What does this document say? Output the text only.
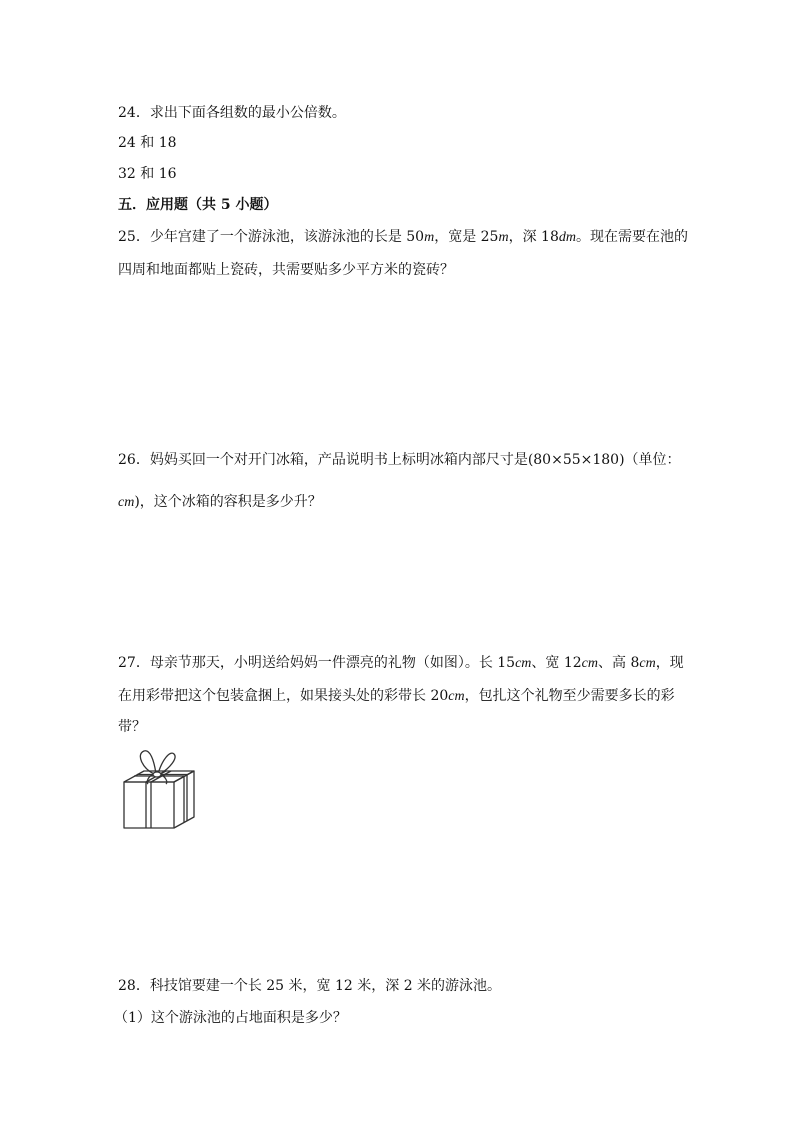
24．求出下面各组数的最小公倍数。
24 和 18
32 和 16
五．应用题（共 5 小题）
25．少年宫建了一个游泳池，该游泳池的长是 50m，宽是 25m，深 18dm。现在需要在池的
四周和地面都贴上瓷砖，共需要贴多少平方米的瓷砖？
26．妈妈买回一个对开门冰箱，产品说明书上标明冰箱内部尺寸是(80×55×180)（单位：
cm)，这个冰箱的容积是多少升？
27．母亲节那天，小明送给妈妈一件漂亮的礼物（如图）。长 15cm、宽 12cm、高 8cm，现
在用彩带把这个包装盒捆上，如果接头处的彩带长 20cm，包扎这个礼物至少需要多长的彩
带？
28．科技馆要建一个长 25 米，宽 12 米，深 2 米的游泳池。
（1）这个游泳池的占地面积是多少？
